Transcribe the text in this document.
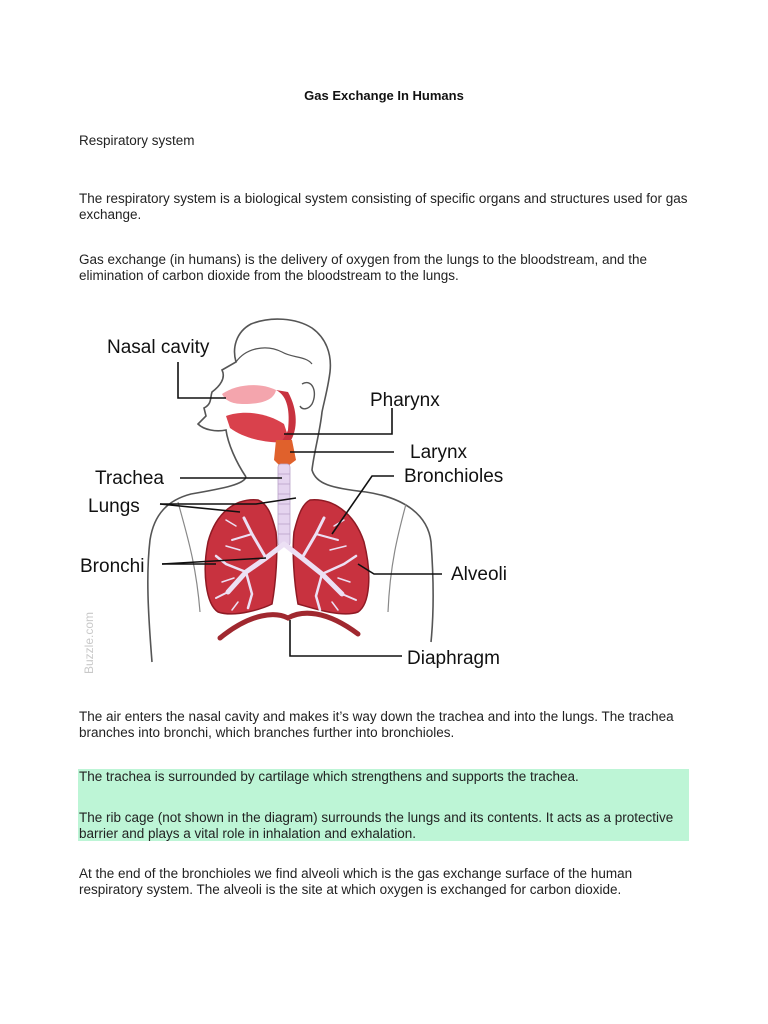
Gas Exchange In Humans
Respiratory system
The respiratory system is a biological system consisting of specific organs and structures used for gas exchange.
Gas exchange (in humans) is the delivery of oxygen from the lungs to the bloodstream, and the elimination of carbon dioxide from the bloodstream to the lungs.
Nasal cavity
Pharynx
Larynx
Trachea	Bronchioles
Lungs
Bronchi	Alveoli
Diaphragm
Buzzle.com
The air enters the nasal cavity and makes it’s way down the trachea and into the lungs. The trachea branches into bronchi, which branches further into bronchioles.
The trachea is surrounded by cartilage which strengthens and supports the trachea.
The rib cage (not shown in the diagram) surrounds the lungs and its contents. It acts as a protective barrier and plays a vital role in inhalation and exhalation.
At the end of the bronchioles we find alveoli which is the gas exchange surface of the human respiratory system. The alveoli is the site at which oxygen is exchanged for carbon dioxide.
